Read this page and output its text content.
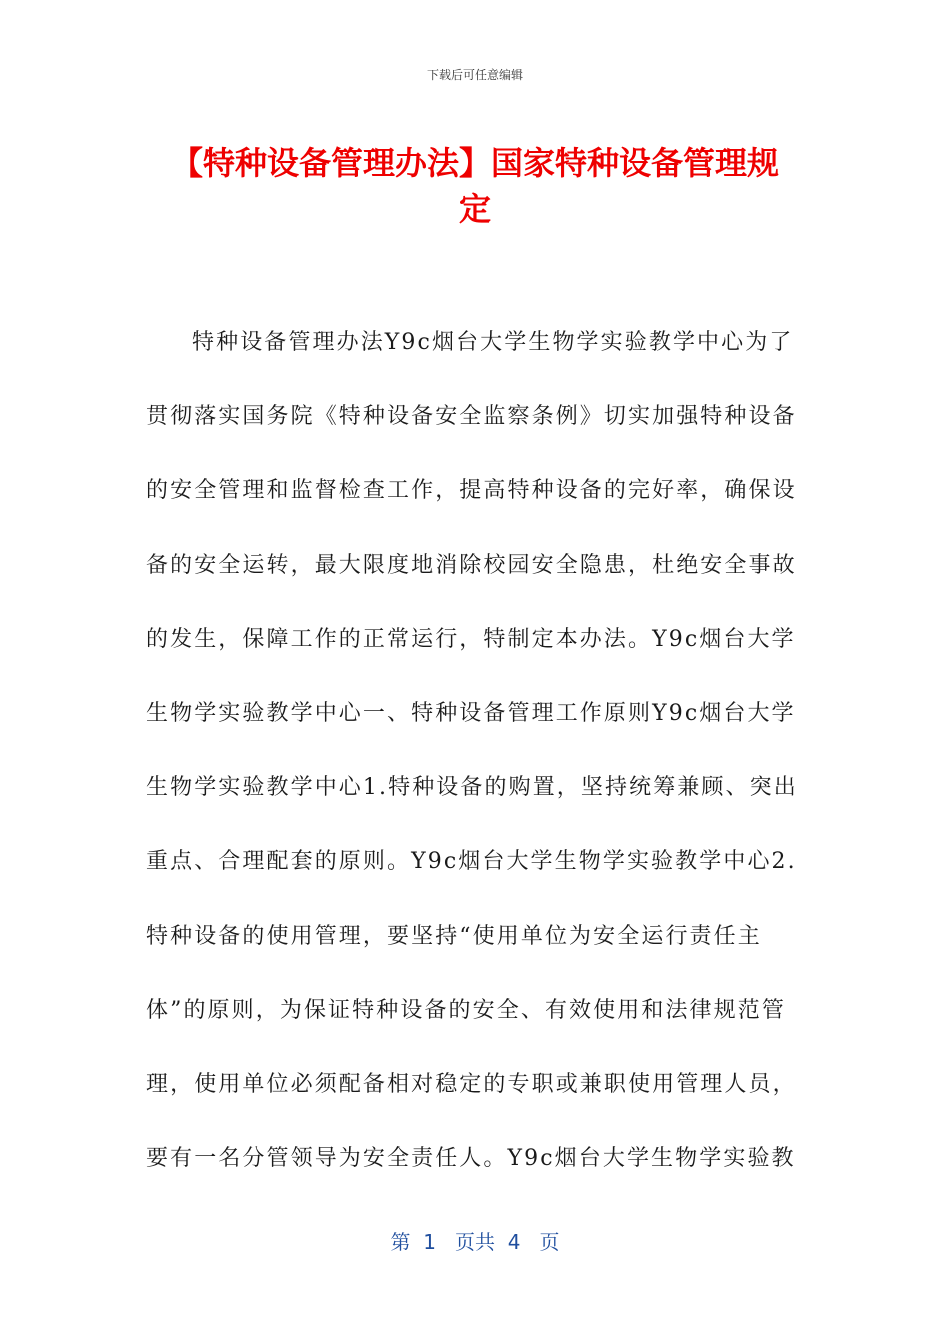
下载后可任意编辑
【特种设备管理办法】国家特种设备管理规
定
特种设备管理办法Y9c烟台大学生物学实验教学中心为了
贯彻落实国务院《特种设备安全监察条例》切实加强特种设备
的安全管理和监督检查工作，提高特种设备的完好率，确保设
备的安全运转，最大限度地消除校园安全隐患，杜绝安全事故
的发生，保障工作的正常运行，特制定本办法。Y9c烟台大学
生物学实验教学中心一、特种设备管理工作原则Y9c烟台大学
生物学实验教学中心1.特种设备的购置，坚持统筹兼顾、突出
重点、合理配套的原则。Y9c烟台大学生物学实验教学中心2.
特种设备的使用管理，要坚持“使用单位为安全运行责任主
体”的原则，为保证特种设备的安全、有效使用和法律规范管
理，使用单位必须配备相对稳定的专职或兼职使用管理人员，
要有一名分管领导为安全责任人。Y9c烟台大学生物学实验教
第  1   页共  4   页
